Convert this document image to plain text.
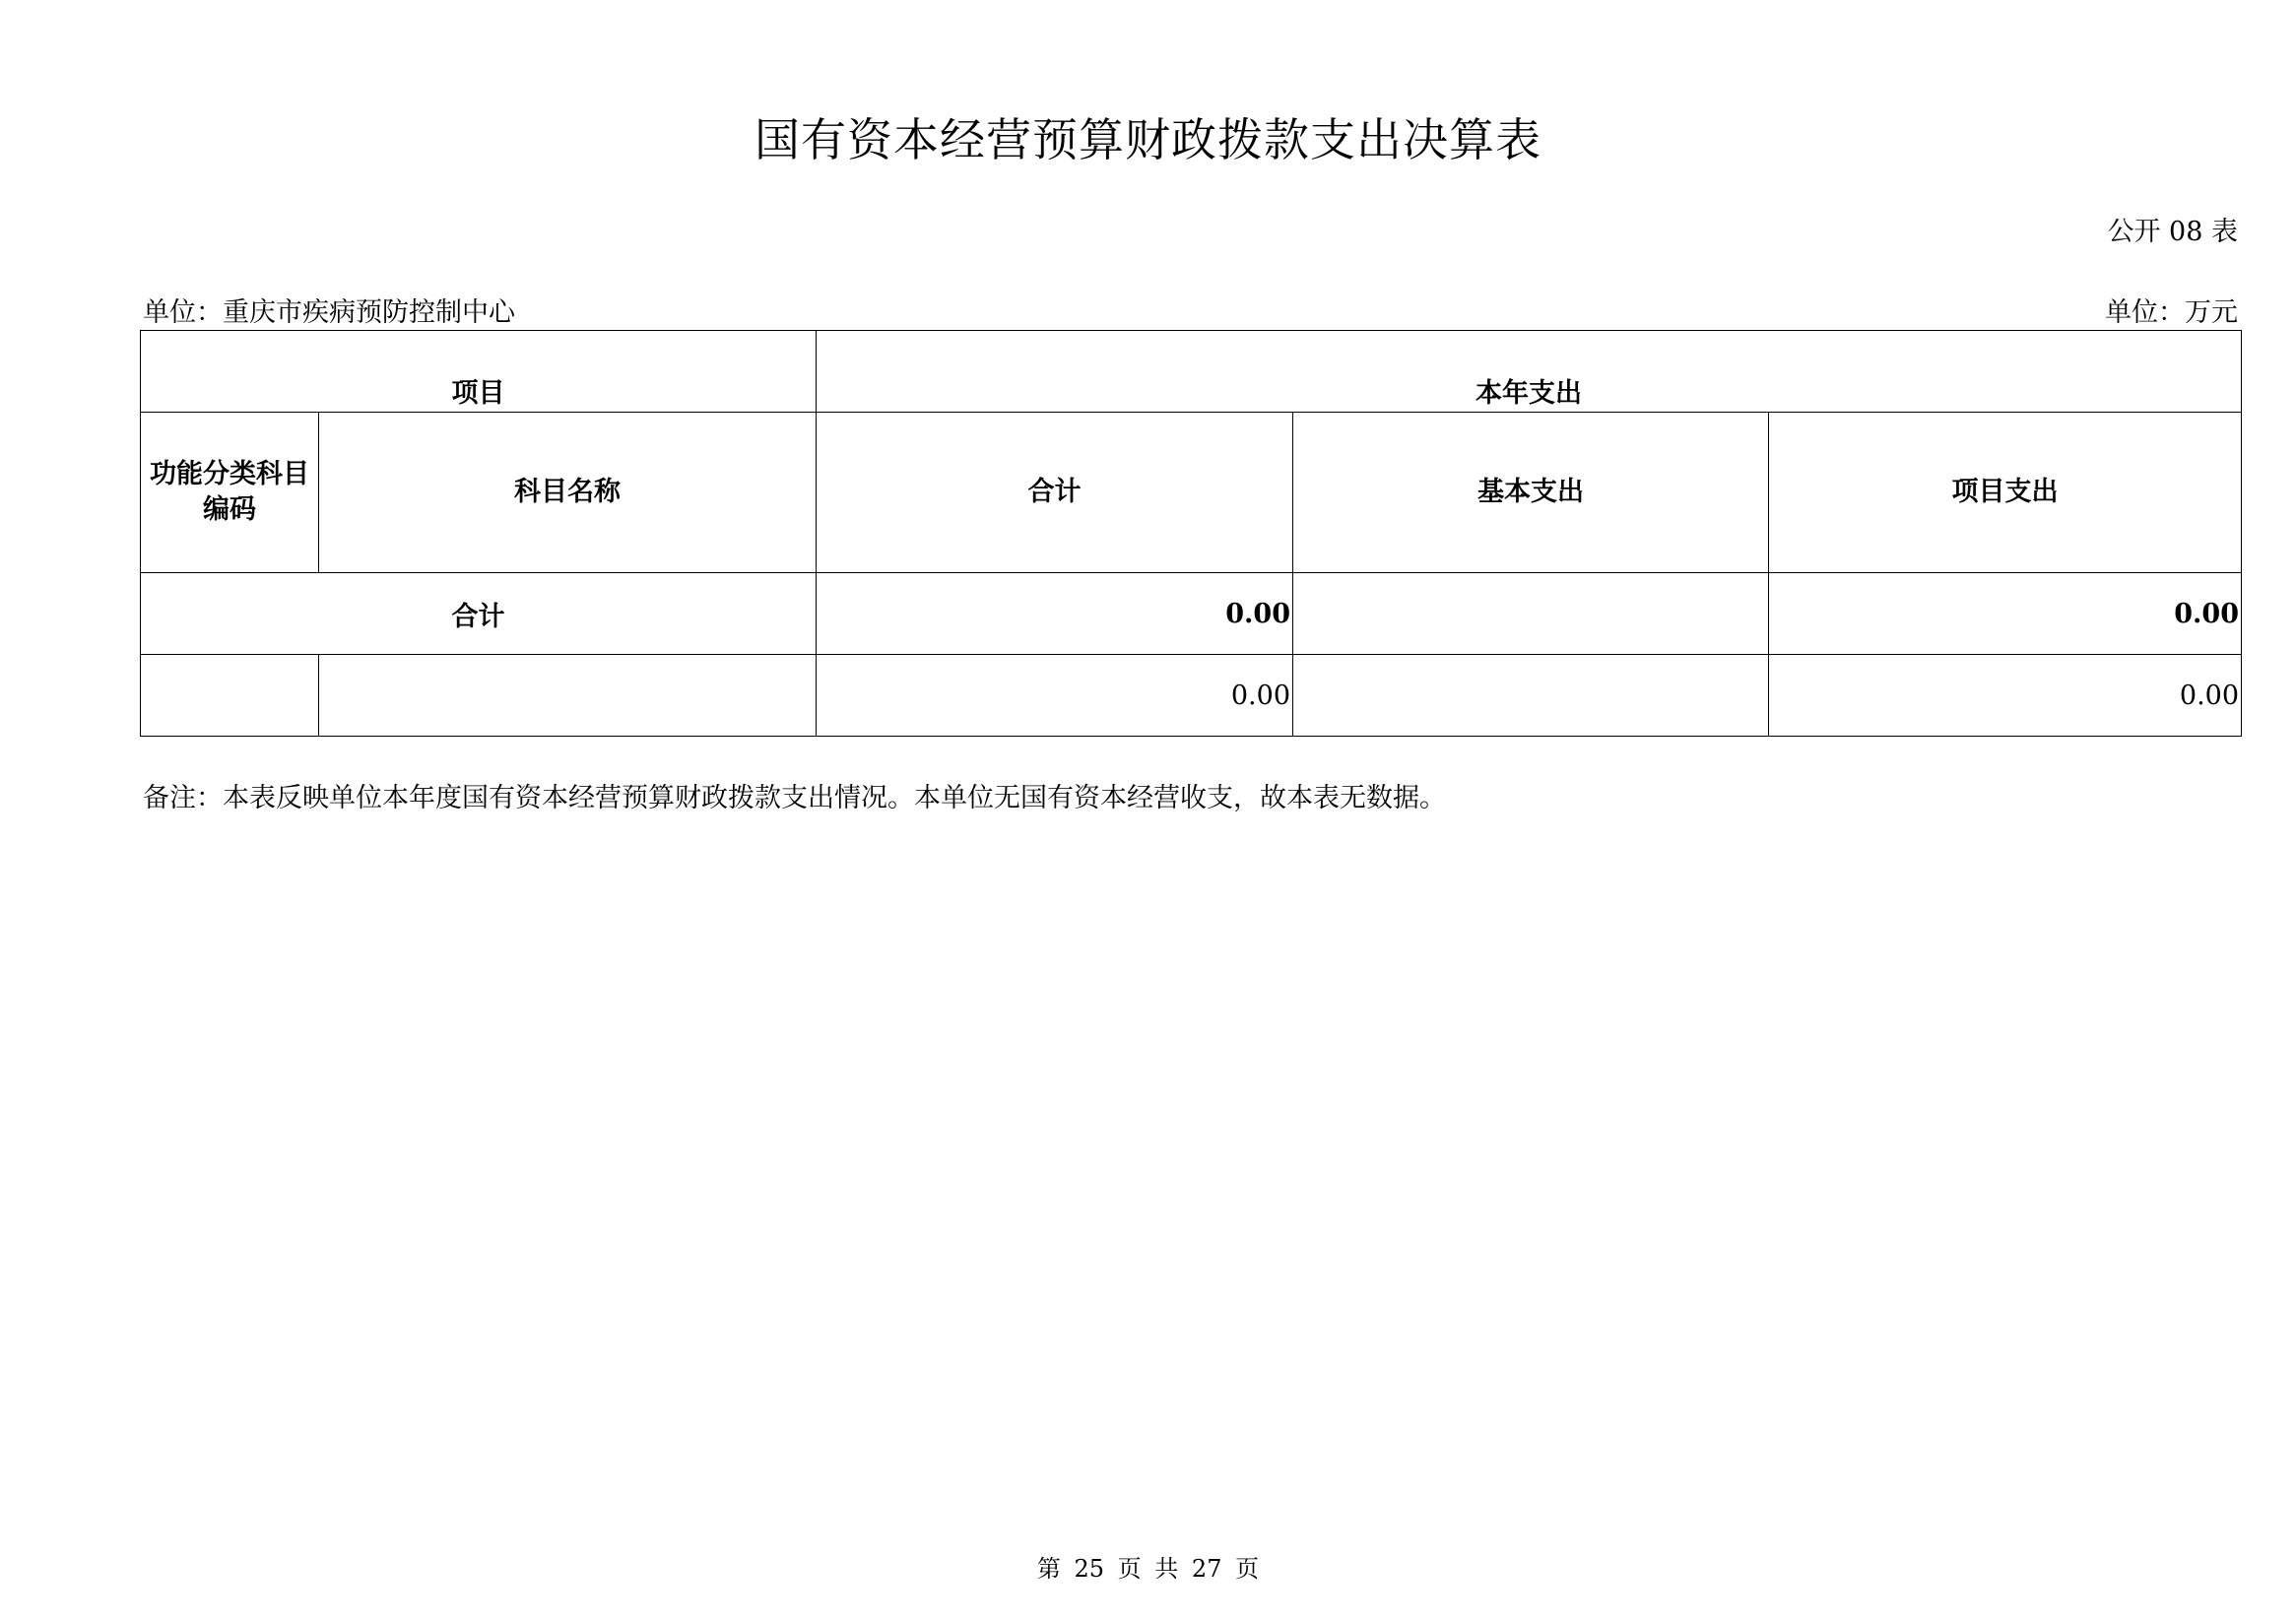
国有资本经营预算财政拨款支出决算表
公开 08 表
单位：重庆市疾病预防控制中心	单位：万元
项目		本年支出		
功能分类科目编码	科目名称	合计	基本支出	项目支出
合计		0.00		0.00
		0.00		0.00
备注：本表反映单位本年度国有资本经营预算财政拨款支出情况。本单位无国有资本经营收支，故本表无数据。
第 25 页 共 27 页
